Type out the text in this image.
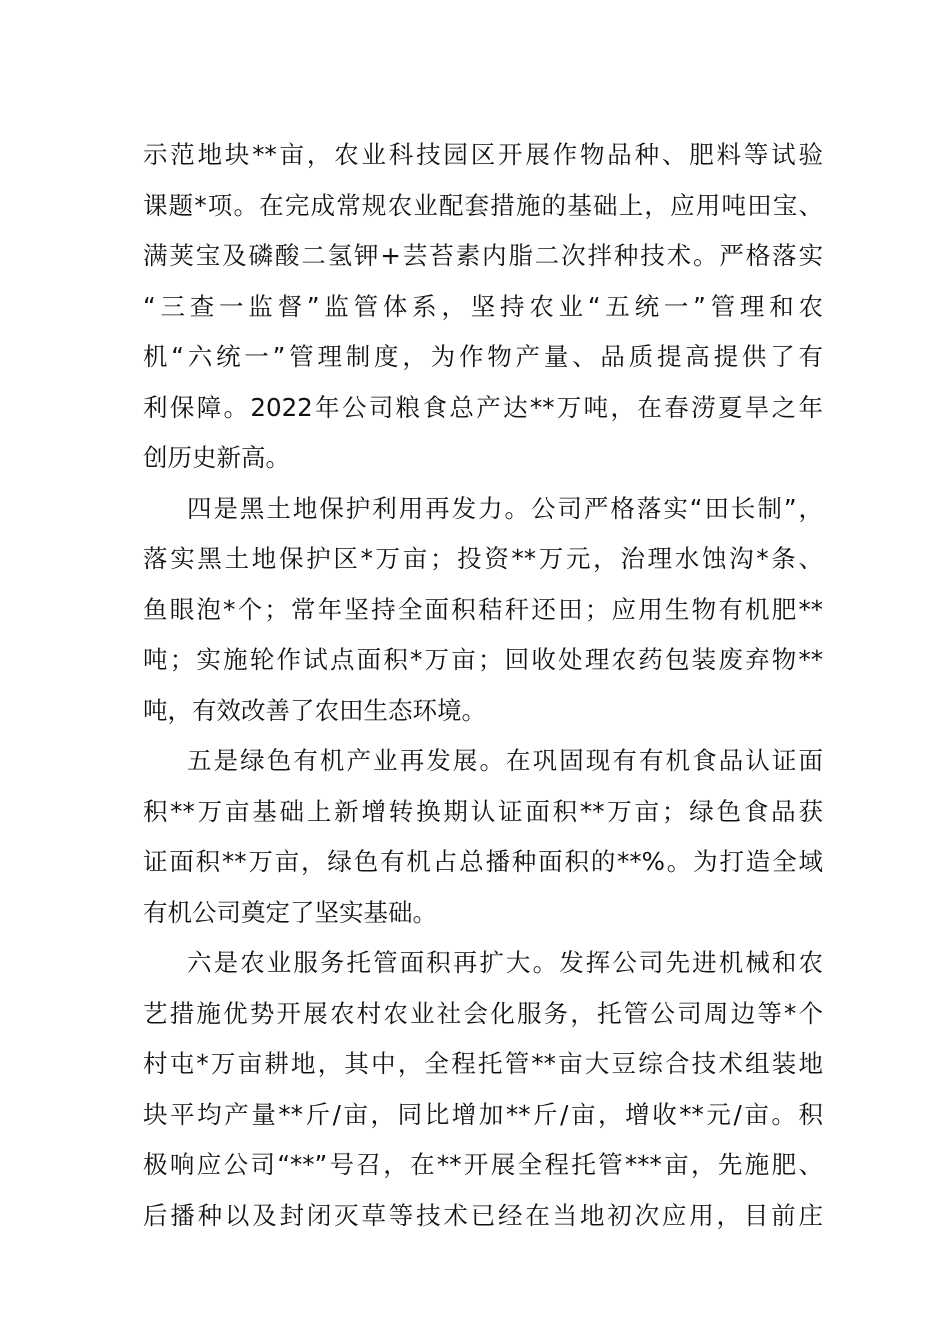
示范地块**亩，农业科技园区开展作物品种、肥料等试验
课题*项。在完成常规农业配套措施的基础上，应用吨田宝、
满荚宝及磷酸二氢钾+芸苔素内脂二次拌种技术。严格落实
“三查一监督”监管体系，坚持农业“五统一”管理和农
机“六统一”管理制度，为作物产量、品质提高提供了有
利保障。2022年公司粮食总产达**万吨，在春涝夏旱之年
创历史新高。
四是黑土地保护利用再发力。公司严格落实“田长制”，
落实黑土地保护区*万亩；投资**万元，治理水蚀沟*条、
鱼眼泡*个；常年坚持全面积秸秆还田；应用生物有机肥**
吨；实施轮作试点面积*万亩；回收处理农药包装废弃物**
吨，有效改善了农田生态环境。
五是绿色有机产业再发展。在巩固现有有机食品认证面
积**万亩基础上新增转换期认证面积**万亩；绿色食品获
证面积**万亩，绿色有机占总播种面积的**%。为打造全域
有机公司奠定了坚实基础。
六是农业服务托管面积再扩大。发挥公司先进机械和农
艺措施优势开展农村农业社会化服务，托管公司周边等*个
村屯*万亩耕地，其中，全程托管**亩大豆综合技术组装地
块平均产量**斤/亩，同比增加**斤/亩，增收**元/亩。积
极响应公司“**”号召，在**开展全程托管***亩，先施肥、
后播种以及封闭灭草等技术已经在当地初次应用，目前庄
